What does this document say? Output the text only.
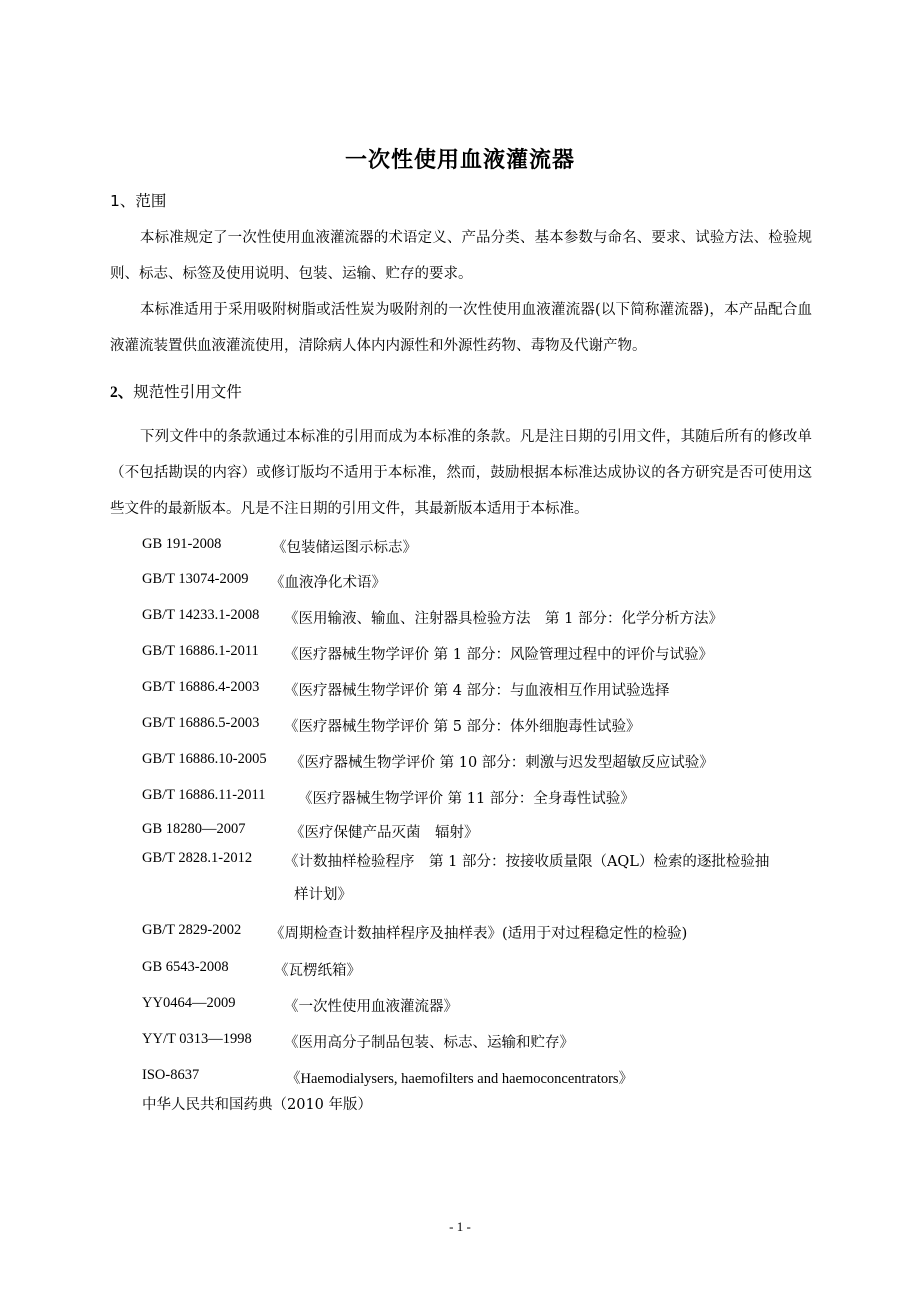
一次性使用血液灌流器
1、范围

本标准规定了一次性使用血液灌流器的术语定义、产品分类、基本参数与命名、要求、试验方法、检验规则、标志、标签及使用说明、包装、运输、贮存的要求。

本标准适用于采用吸附树脂或活性炭为吸附剂的一次性使用血液灌流器(以下简称灌流器)，本产品配合血液灌流装置供血液灌流使用，清除病人体内内源性和外源性药物、毒物及代谢产物。

2、规范性引用文件

下列文件中的条款通过本标准的引用而成为本标准的条款。凡是注日期的引用文件，其随后所有的修改单（不包括勘误的内容）或修订版均不适用于本标准，然而，鼓励根据本标准达成协议的各方研究是否可使用这些文件的最新版本。凡是不注日期的引用文件，其最新版本适用于本标准。

GB 191-2008	《包装储运图示标志》
GB/T 13074-2009 《血液净化术语》
GB/T 14233.1-2008 《医用输液、输血、注射器具检验方法　第 1 部分：化学分析方法》
GB/T 16886.1-2011 《医疗器械生物学评价 第 1 部分：风险管理过程中的评价与试验》
GB/T 16886.4-2003 《医疗器械生物学评价 第 4 部分：与血液相互作用试验选择
GB/T 16886.5-2003 《医疗器械生物学评价 第 5 部分：体外细胞毒性试验》
GB/T 16886.10-2005 《医疗器械生物学评价 第 10 部分：刺激与迟发型超敏反应试验》
GB/T 16886.11-2011 《医疗器械生物学评价 第 11 部分：全身毒性试验》
GB 18280—2007	《医疗保健产品灭菌　辐射》
GB/T 2828.1-2012 《计数抽样检验程序　第 1 部分：按接收质量限（AQL）检索的逐批检验抽
样计划》
GB/T 2829-2002 《周期检查计数抽样程序及抽样表》(适用于对过程稳定性的检验)
GB 6543-2008	《瓦楞纸箱》
YY0464—2009	《一次性使用血液灌流器》
YY/T 0313—1998 《医用高分子制品包装、标志、运输和贮存》
ISO-8637	《Haemodialysers, haemofilters and haemoconcentrators》
中华人民共和国药典（2010 年版）
- 1 -
